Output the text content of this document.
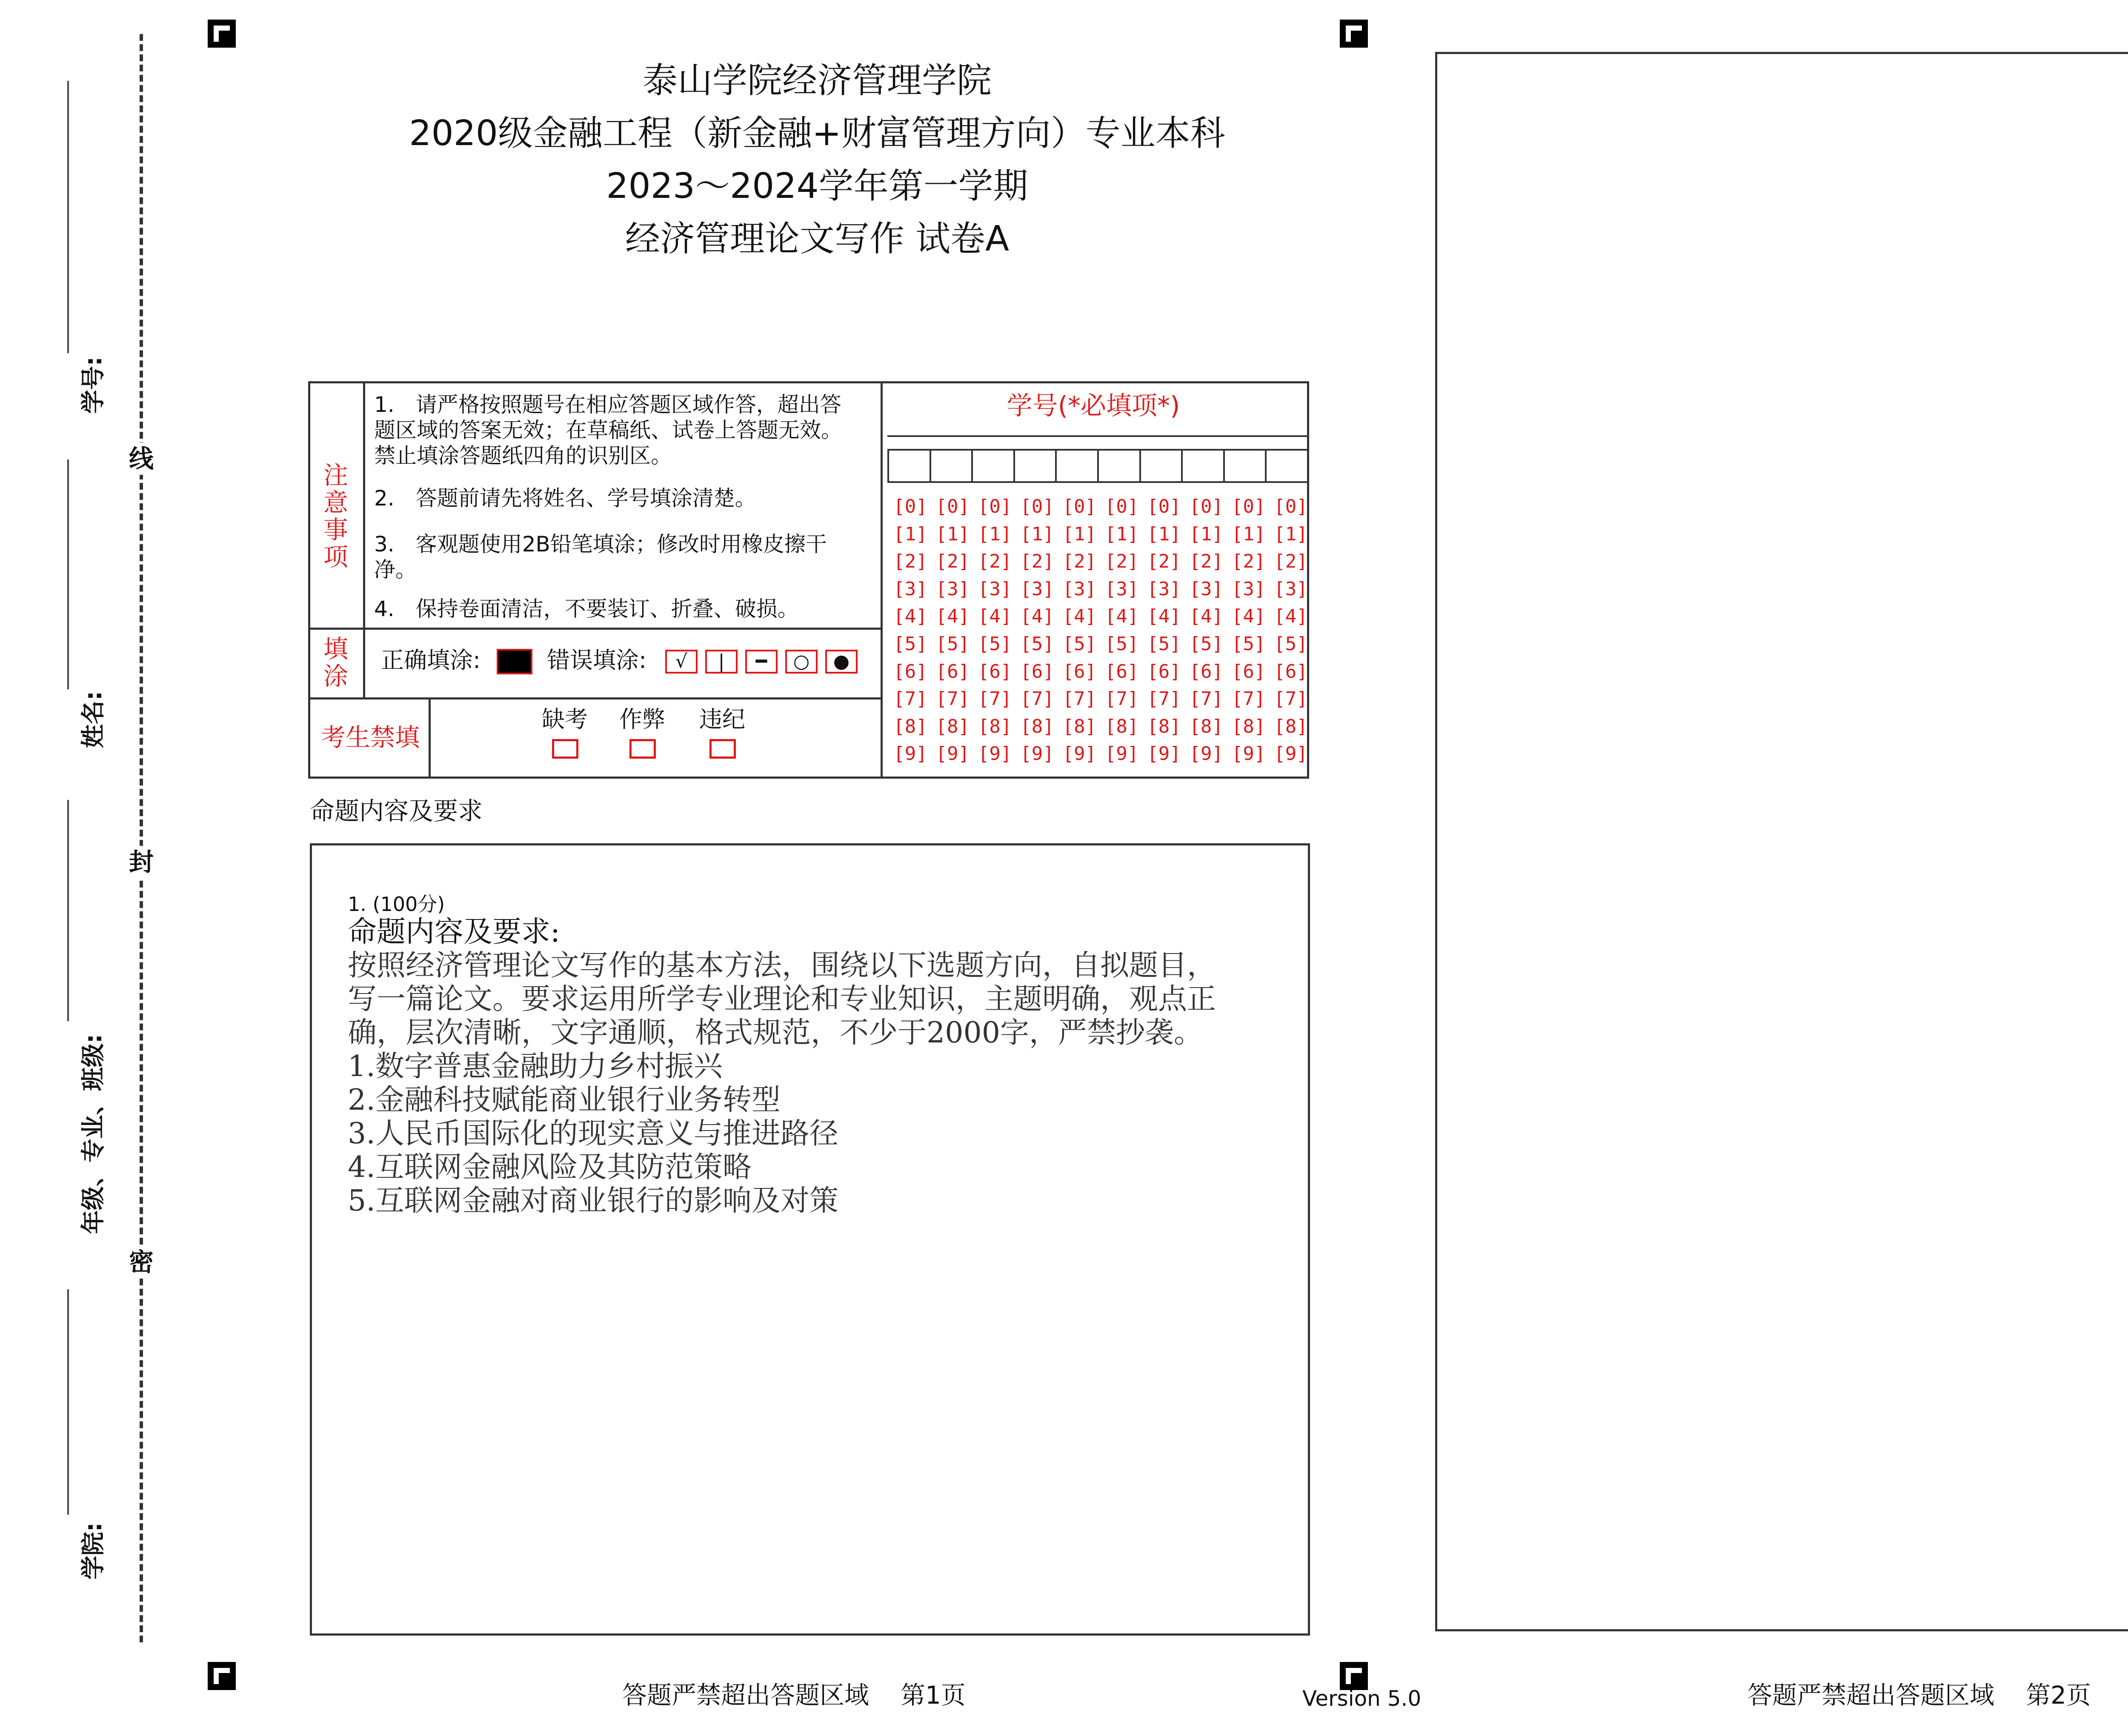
线
封
密
学号:
姓名:
年级、专业、班级:
学院:
泰山学院经济管理学院
2020级金融工程（新金融+财富管理方向）专业本科
2023～2024学年第一学期
经济管理论文写作 试卷A
注意事项
1.　请严格按照题号在相应答题区域作答，超出答题区域的答案无效；在草稿纸、试卷上答题无效。禁止填涂答题纸四角的识别区。
2.　答题前请先将姓名、学号填涂清楚。
3.　客观题使用2B铅笔填涂；修改时用橡皮擦干净。
4.　保持卷面清洁，不要装订、折叠、破损。
填涂
正确填涂:	错误填涂:	√	|	━	○	●
考生禁填
缺考	作弊	违纪
学号(*必填项*)
[0] [0] [0] [0] [0] [0] [0] [0] [0] [0]
[1] [1] [1] [1] [1] [1] [1] [1] [1] [1]
[2] [2] [2] [2] [2] [2] [2] [2] [2] [2]
[3] [3] [3] [3] [3] [3] [3] [3] [3] [3]
[4] [4] [4] [4] [4] [4] [4] [4] [4] [4]
[5] [5] [5] [5] [5] [5] [5] [5] [5] [5]
[6] [6] [6] [6] [6] [6] [6] [6] [6] [6]
[7] [7] [7] [7] [7] [7] [7] [7] [7] [7]
[8] [8] [8] [8] [8] [8] [8] [8] [8] [8]
[9] [9] [9] [9] [9] [9] [9] [9] [9] [9]
命题内容及要求
1. (100分)
命题内容及要求:
按照经济管理论文写作的基本方法，围绕以下选题方向，自拟题目，
写一篇论文。要求运用所学专业理论和专业知识，主题明确，观点正
确，层次清晰，文字通顺，格式规范，不少于2000字，严禁抄袭。
1.数字普惠金融助力乡村振兴
2.金融科技赋能商业银行业务转型
3.人民币国际化的现实意义与推进路径
4.互联网金融风险及其防范策略
5.互联网金融对商业银行的影响及对策
答题严禁超出答题区域 第1页	Version 5.0	答题严禁超出答题区域 第2页
